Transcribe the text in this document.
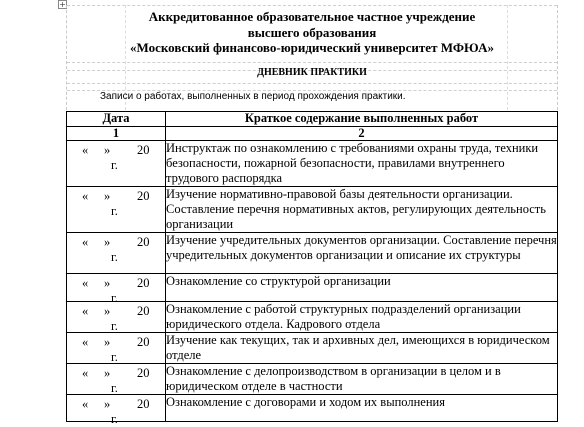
+
Аккредитованное образовательное частное учреждение
высшего образования
«Московский финансово-юридический университет МФЮА»
ДНЕВНИК ПРАКТИКИ
Записи о работах, выполненных в период прохождения практики.
Дата	Краткое содержание выполненных работ
1	2

« » 20
г.	Инструктаж по ознакомлению с требованиями охраны труда, техники безопасности, пожарной безопасности, правилами внутреннего трудового распорядка

« » 20
г.	Изучение нормативно-правовой базы деятельности организации. Составление перечня нормативных актов, регулирующих деятельность организации

« » 20
г.	Изучение учредительных документов организации. Составление перечня учредительных документов организации и описание их структуры

« » 20
г.	Ознакомление со структурой организации

« » 20
г.	Ознакомление с работой структурных подразделений организации юридического отдела. Кадрового отдела

« » 20
г.	Изучение как текущих, так и архивных дел, имеющихся в юридическом отделе

« » 20
г.	Ознакомление с делопроизводством в организации в целом и в юридическом отделе в частности

« » 20
г.	Ознакомление с договорами и ходом их выполнения
